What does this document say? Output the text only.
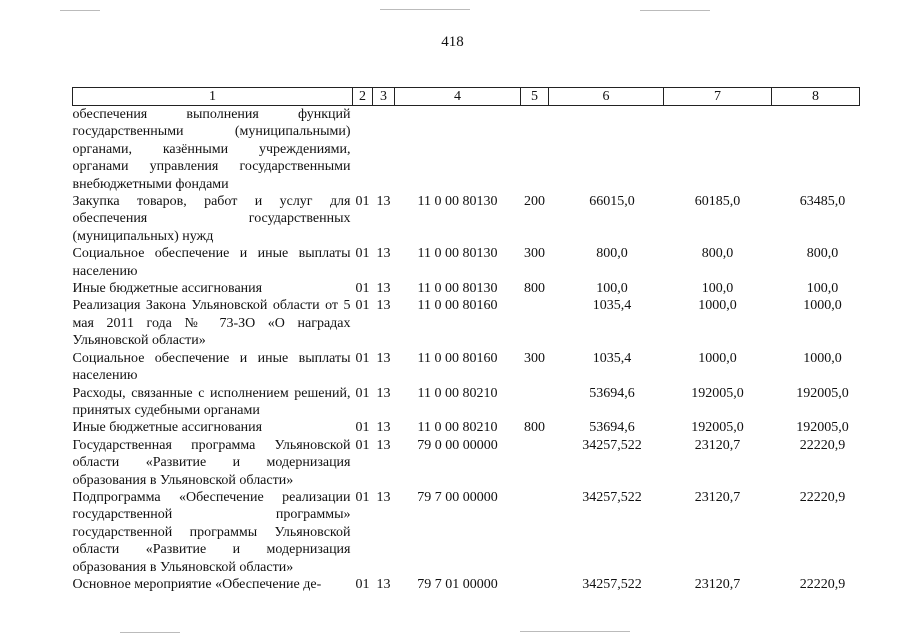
418
1	2	3	4	5	6	7	8
обеспечения выполнения функций государственными (муниципальными) органами, казёнными учреждениями, органами управления государственными внебюджетными фондами							
Закупка товаров, работ и услуг для обеспечения государственных (муниципальных) нужд	01	13	11 0 00 80130	200	66015,0	60185,0	63485,0
Социальное обеспечение и иные выплаты населению	01	13	11 0 00 80130	300	800,0	800,0	800,0
Иные бюджетные ассигнования	01	13	11 0 00 80130	800	100,0	100,0	100,0
Реализация Закона Ульяновской области от 5 мая 2011 года № 73-ЗО «О наградах Ульяновской области»	01	13	11 0 00 80160		1035,4	1000,0	1000,0
Социальное обеспечение и иные выплаты населению	01	13	11 0 00 80160	300	1035,4	1000,0	1000,0
Расходы, связанные с исполнением решений, принятых судебными органами	01	13	11 0 00 80210		53694,6	192005,0	192005,0
Иные бюджетные ассигнования	01	13	11 0 00 80210	800	53694,6	192005,0	192005,0
Государственная программа Ульяновской области «Развитие и модернизация образования в Ульяновской области»	01	13	79 0 00 00000		34257,522	23120,7	22220,9
Подпрограмма «Обеспечение реализации государственной программы» государственной программы Ульяновской области «Развитие и модернизация образования в Ульяновской области»	01	13	79 7 00 00000		34257,522	23120,7	22220,9
Основное мероприятие «Обеспечение де-	01	13	79 7 01 00000		34257,522	23120,7	22220,9
